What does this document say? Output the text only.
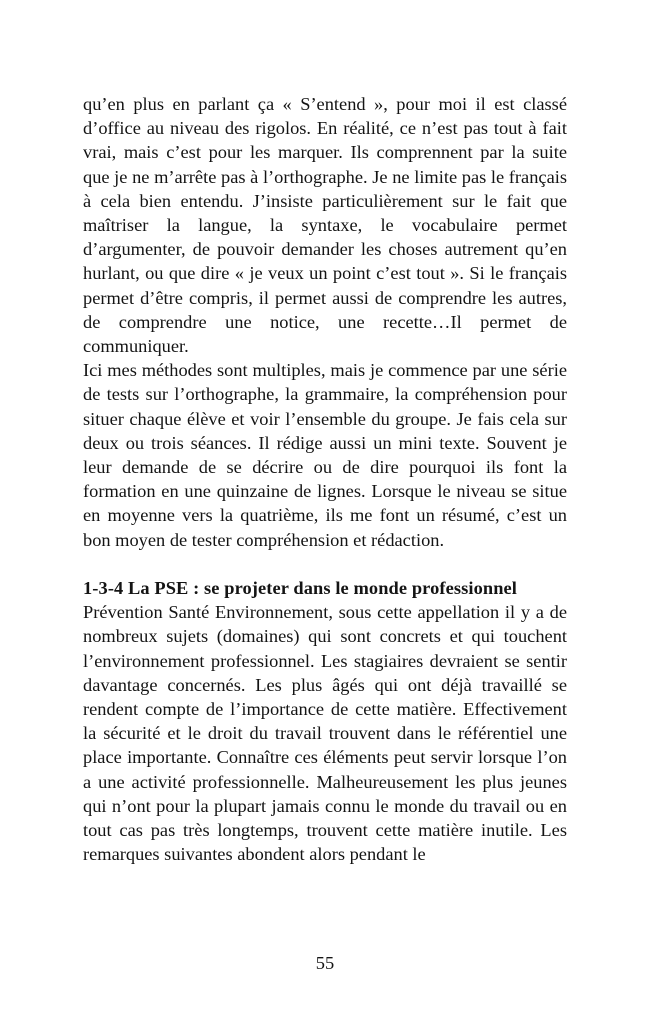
qu’en plus en parlant ça « S’entend », pour moi il est classé d’office au niveau des rigolos. En réalité, ce n’est pas tout à fait vrai, mais c’est pour les marquer. Ils comprennent par la suite que je ne m’arrête pas à l’orthographe. Je ne limite pas le français à cela bien entendu. J’insiste particulièrement sur le fait que maîtriser la langue, la syntaxe, le vocabulaire permet d’argumenter, de pouvoir demander les choses autrement qu’en hurlant, ou que dire « je veux un point c’est tout ». Si le français permet d’être compris, il permet aussi de comprendre les autres, de comprendre une notice, une recette…Il permet de communiquer.

Ici mes méthodes sont multiples, mais je commence par une série de tests sur l’orthographe, la grammaire, la compréhension pour situer chaque élève et voir l’ensemble du groupe. Je fais cela sur deux ou trois séances. Il rédige aussi un mini texte. Souvent je leur demande de se décrire ou de dire pourquoi ils font la formation en une quinzaine de lignes. Lorsque le niveau se situe en moyenne vers la quatrième, ils me font un résumé, c’est un bon moyen de tester compréhension et rédaction.

1-3-4 La PSE : se projeter dans le monde professionnel

Prévention Santé Environnement, sous cette appellation il y a de nombreux sujets (domaines) qui sont concrets et qui touchent l’environnement professionnel. Les stagiaires devraient se sentir davantage concernés. Les plus âgés qui ont déjà travaillé se rendent compte de l’importance de cette matière. Effectivement la sécurité et le droit du travail trouvent dans le référentiel une place importante. Connaître ces éléments peut servir lorsque l’on a une activité professionnelle. Malheureusement les plus jeunes qui n’ont pour la plupart jamais connu le monde du travail ou en tout cas pas très longtemps, trouvent cette matière inutile. Les remarques suivantes abondent alors pendant le

55
